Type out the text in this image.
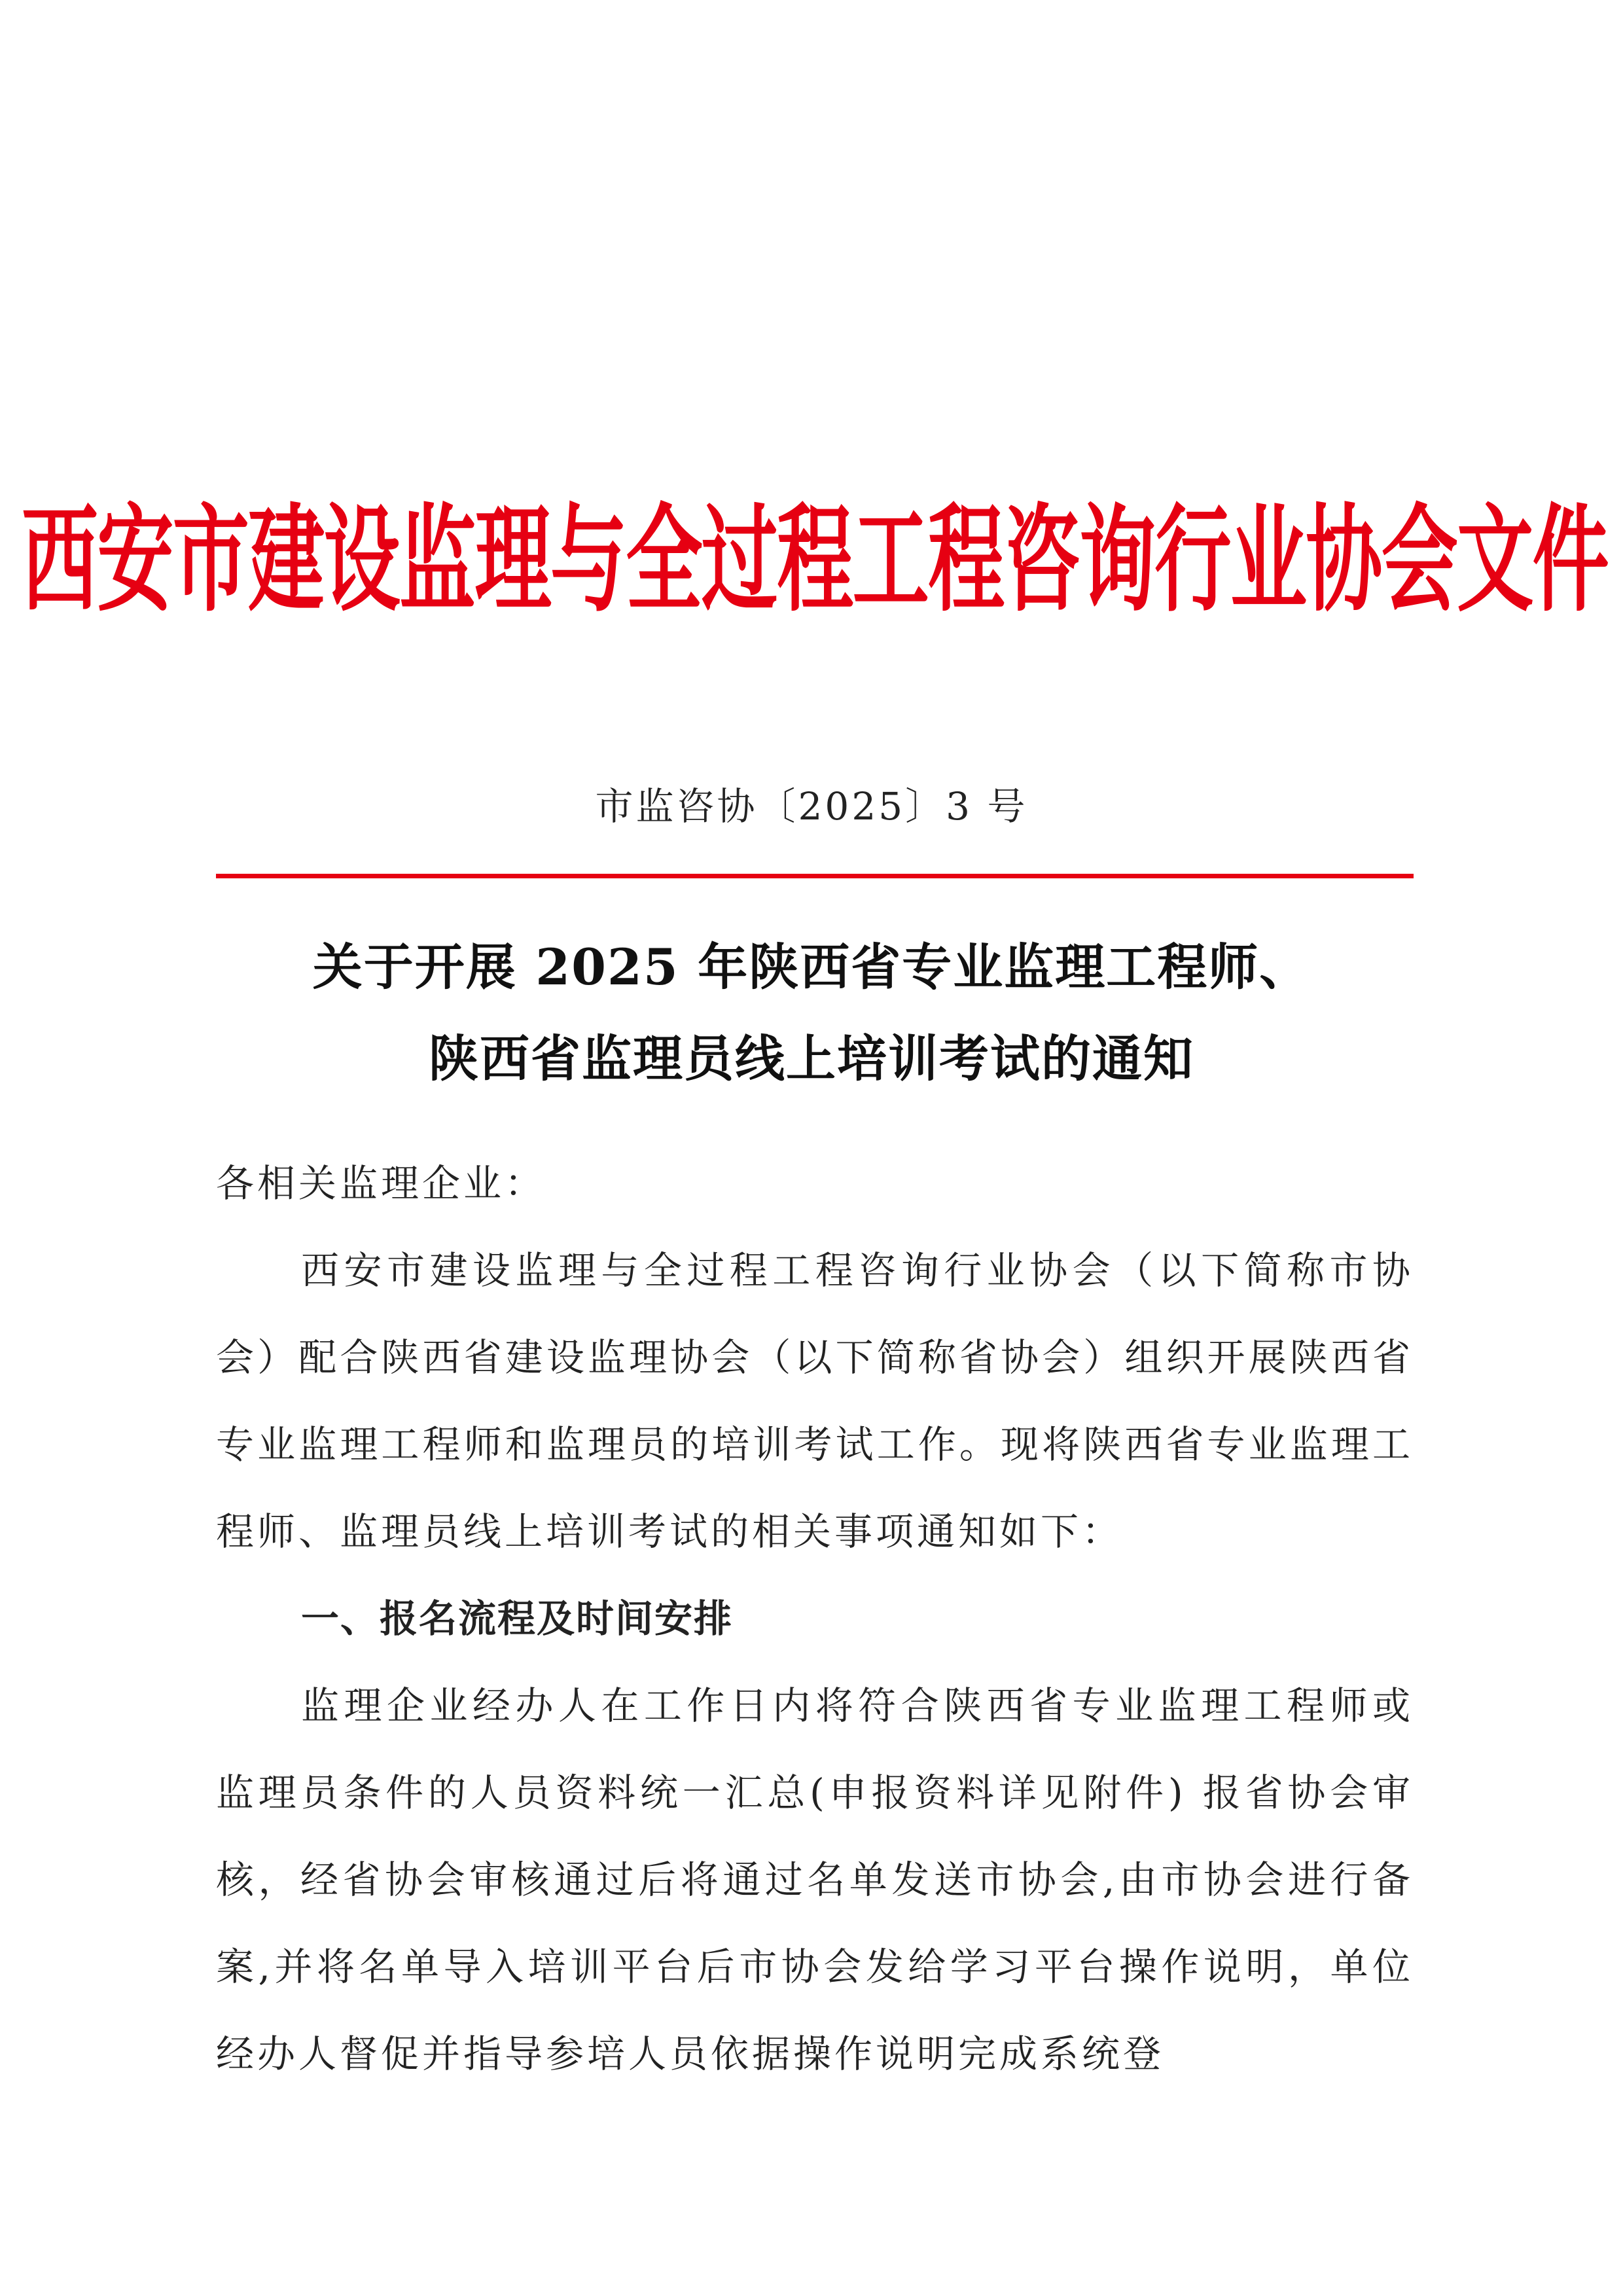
西安市建设监理与全过程工程咨询行业协会文件
市监咨协〔2025〕3 号
关于开展 2025 年陕西省专业监理工程师、
陕西省监理员线上培训考试的通知

各相关监理企业：

西安市建设监理与全过程工程咨询行业协会（以下简称市协会）配合陕西省建设监理协会（以下简称省协会）组织开展陕西省专业监理工程师和监理员的培训考试工作。现将陕西省专业监理工程师、监理员线上培训考试的相关事项通知如下：

一、报名流程及时间安排

监理企业经办人在工作日内将符合陕西省专业监理工程师或监理员条件的人员资料统一汇总(申报资料详见附件) 报省协会审核，经省协会审核通过后将通过名单发送市协会,由市协会进行备案,并将名单导入培训平台后市协会发给学习平台操作说明，单位经办人督促并指导参培人员依据操作说明完成系统登
